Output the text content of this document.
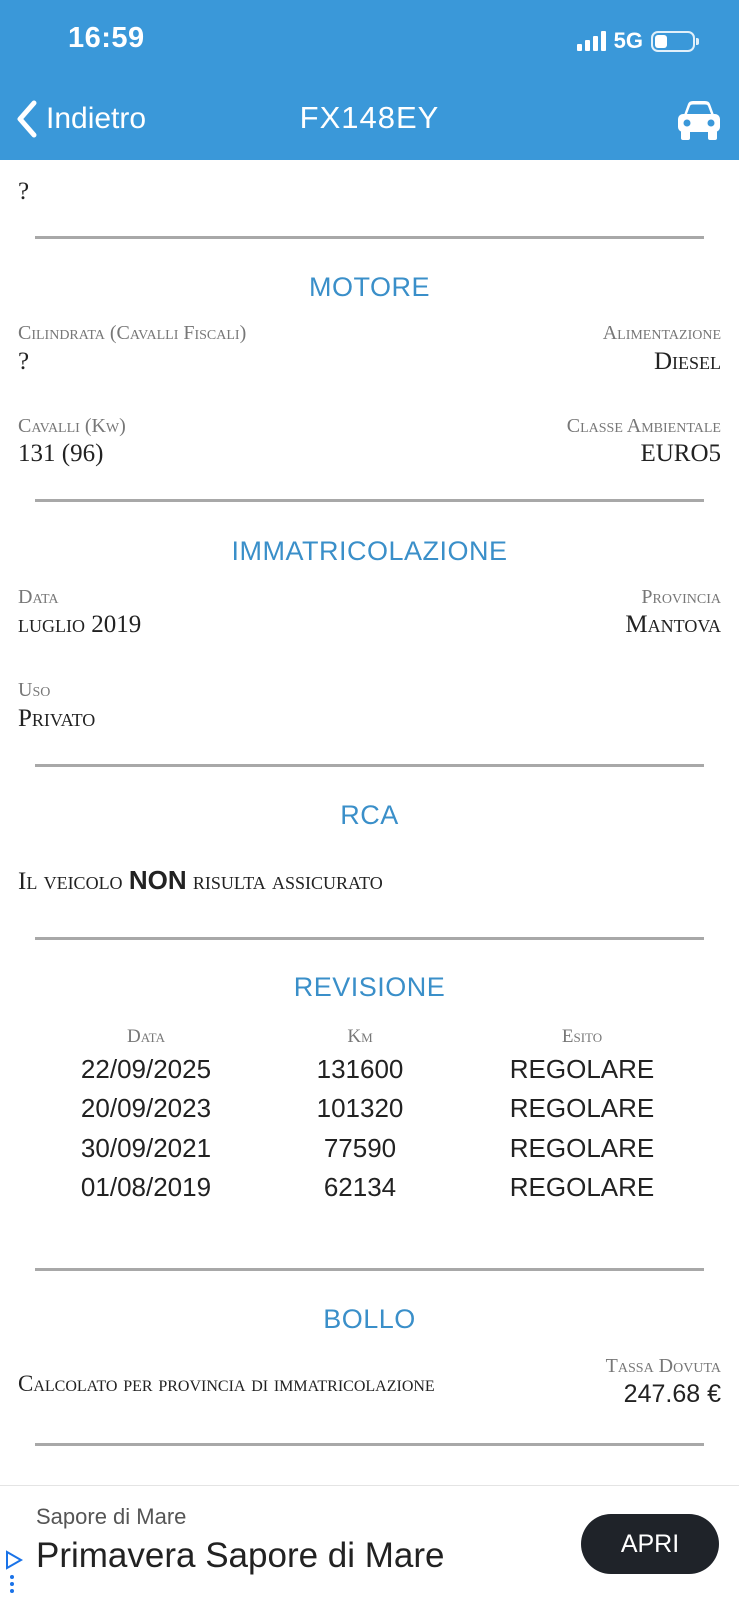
16:59	5G
Indietro	FX148EY
?
MOTORE
Cilindrata (Cavalli Fiscali)
?
Alimentazione
Diesel
Cavalli (Kw)
131 (96)
Classe Ambientale
EURO5
IMMATRICOLAZIONE
Data
luglio 2019
Provincia
Mantova
Uso
Privato
RCA
Il veicolo NON risulta assicurato
REVISIONE
Data	Km	Esito
22/09/2025	131600	REGOLARE
20/09/2023	101320	REGOLARE
30/09/2021	77590	REGOLARE
01/08/2019	62134	REGOLARE
BOLLO
Calcolato per provincia di immatricolazione
Tassa Dovuta
247.68 €
Sapore di Mare
Primavera Sapore di Mare	APRI
